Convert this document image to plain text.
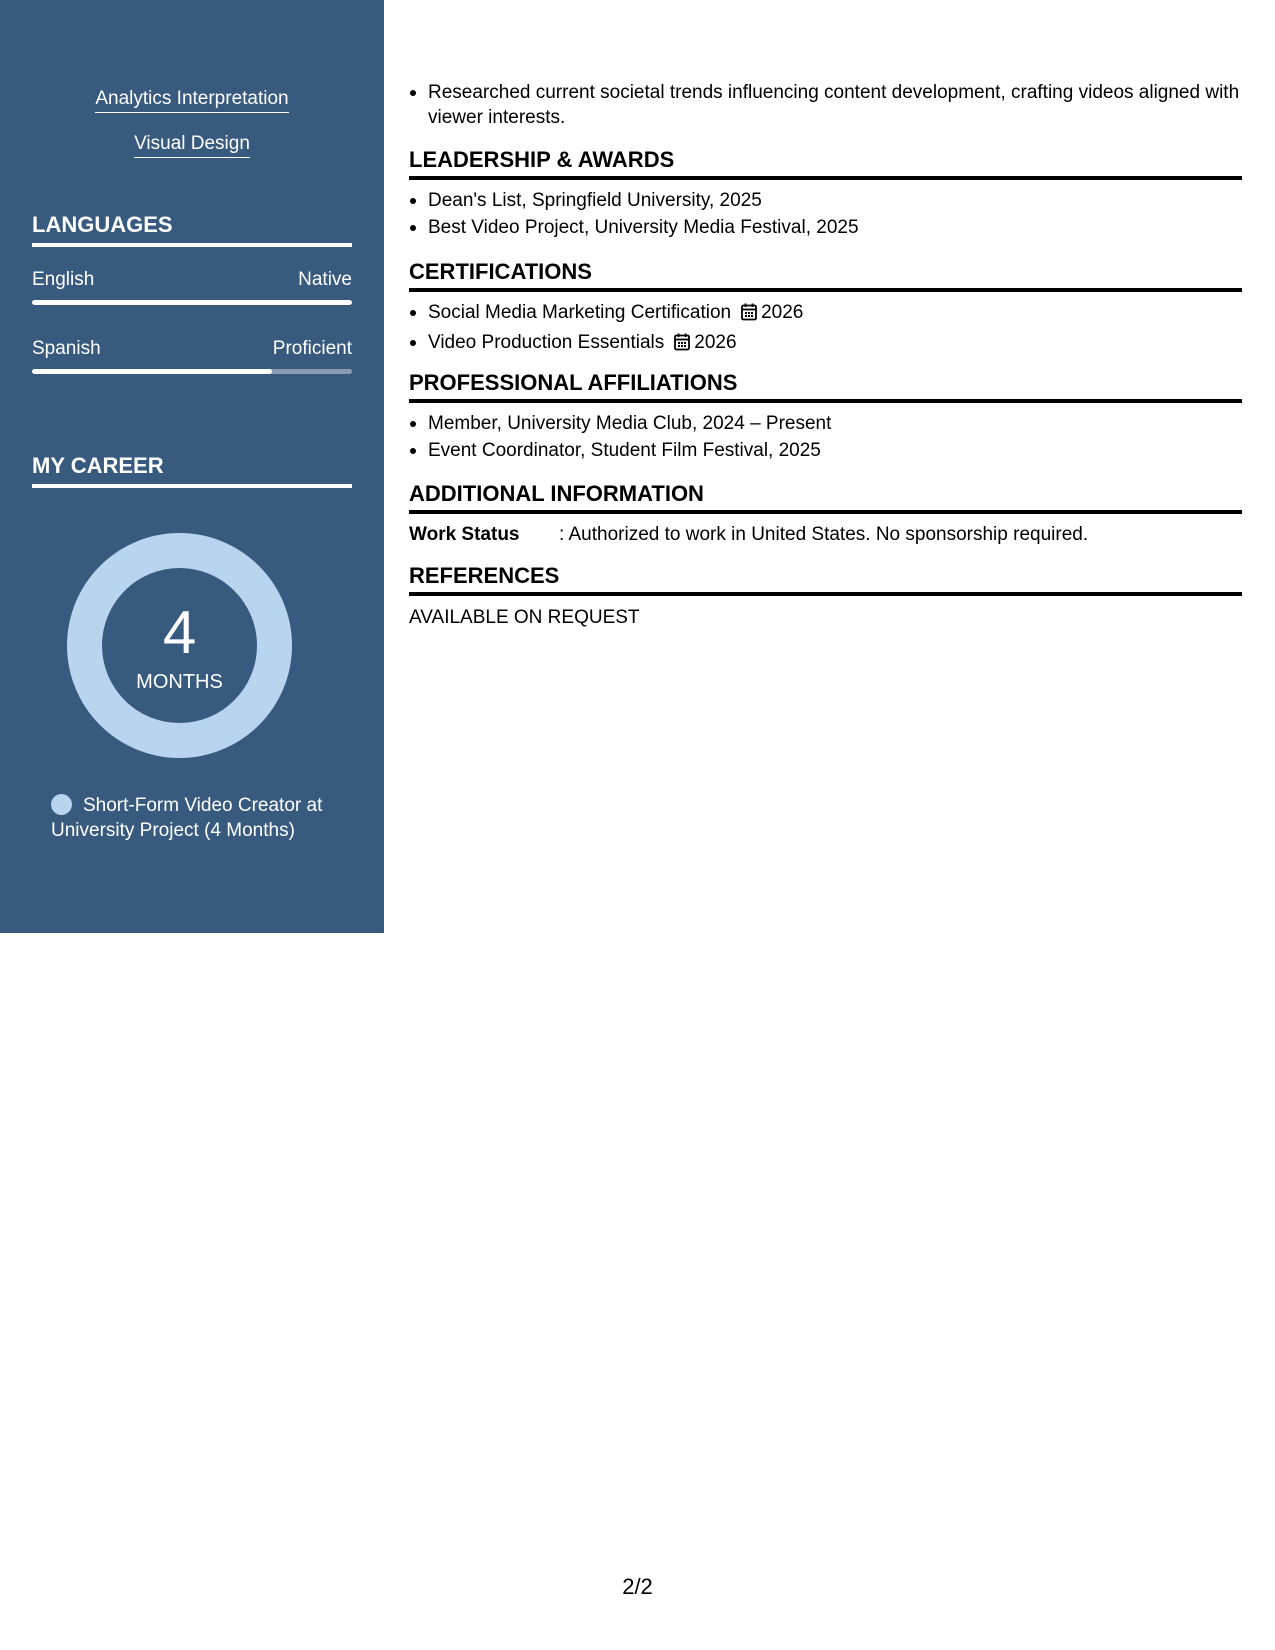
Analytics Interpretation
Visual Design
LANGUAGES
English	Native
Spanish	Proficient
MY CAREER
4
MONTHS
Short-Form Video Creator at University Project (4 Months)
Researched current societal trends influencing content development, crafting videos aligned with viewer interests.
LEADERSHIP & AWARDS
Dean's List, Springfield University, 2025
Best Video Project, University Media Festival, 2025
CERTIFICATIONS
Social Media Marketing Certification 2026
Video Production Essentials 2026
PROFESSIONAL AFFILIATIONS
Member, University Media Club, 2024 – Present
Event Coordinator, Student Film Festival, 2025
ADDITIONAL INFORMATION
Work Status : Authorized to work in United States. No sponsorship required.
REFERENCES
AVAILABLE ON REQUEST
2/2
